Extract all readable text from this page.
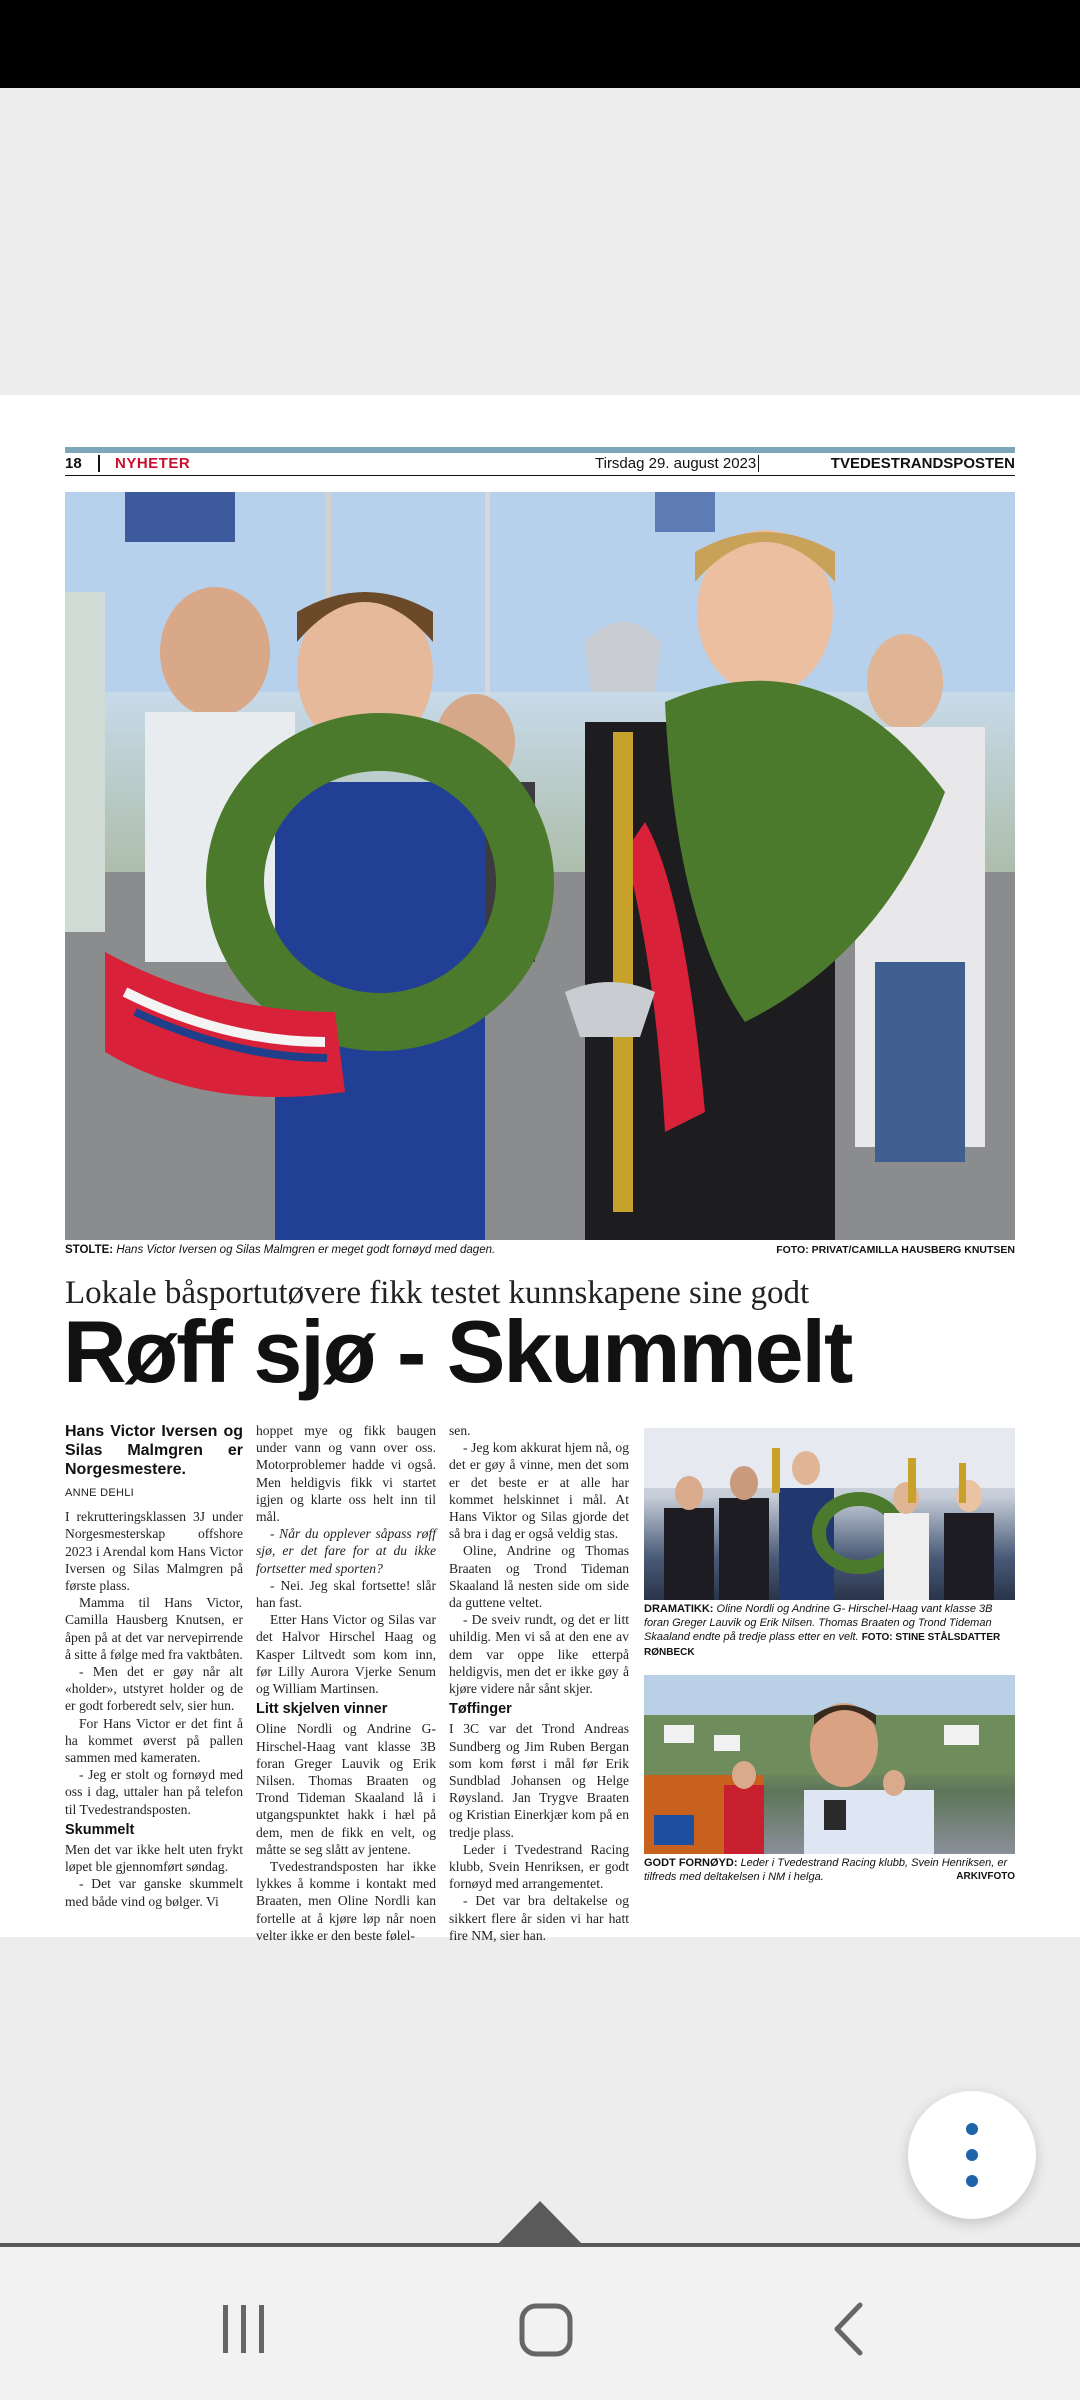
18 NYHETER	Tirsdag 29. august 2023	TVEDESTRANDSPOSTEN
STOLTE: Hans Victor Iversen og Silas Malmgren er meget godt fornøyd med dagen.	FOTO: PRIVAT/CAMILLA HAUSBERG KNUTSEN
Lokale båsportutøvere fikk testet kunnskapene sine godt
Røff sjø - Skummelt
Hans Victor Iversen og Silas Malmgren er Norgesmestere.
ANNE DEHLI

I rekrutteringsklassen 3J under Norgesmesterskap offshore 2023 i Arendal kom Hans Victor Iversen og Silas Malmgren på første plass.

Mamma til Hans Victor, Camilla Hausberg Knutsen, er åpen på at det var nervepirrende å sitte å følge med fra vaktbåten.

- Men det er gøy når alt «holder», utstyret holder og de er godt forberedt selv, sier hun.

For Hans Victor er det fint å ha kommet øverst på pallen sammen med kameraten.

- Jeg er stolt og fornøyd med oss i dag, uttaler han på telefon til Tvedestrandsposten.

Skummelt

Men det var ikke helt uten frykt løpet ble gjennomført søndag.

- Det var ganske skummelt med både vind og bølger. Vi

hoppet mye og fikk baugen under vann og vann over oss. Motorproblemer hadde vi også. Men heldigvis fikk vi startet igjen og klarte oss helt inn til mål.

- Når du opplever såpass røff sjø, er det fare for at du ikke fortsetter med sporten?

- Nei. Jeg skal fortsette! slår han fast.

Etter Hans Victor og Silas var det Halvor Hirschel Haag og Kasper Liltvedt som kom inn, før Lilly Aurora Vjerke Senum og William Martinsen.

Litt skjelven vinner

Oline Nordli og Andrine G- Hirschel-Haag vant klasse 3B foran Greger Lauvik og Erik Nilsen. Thomas Braaten og Trond Tideman Skaaland lå i utgangspunktet hakk i hæl på dem, men de fikk en velt, og måtte se seg slått av jentene.

Tvedestrandsposten har ikke lykkes å komme i kontakt med Braaten, men Oline Nordli kan fortelle at å kjøre løp når noen velter ikke er den beste følel-

sen.

- Jeg kom akkurat hjem nå, og det er gøy å vinne, men det som er det beste er at alle har kommet helskinnet i mål. At Hans Viktor og Silas gjorde det så bra i dag er også veldig stas.

Oline, Andrine og Thomas Braaten og Trond Tideman Skaaland lå nesten side om side da guttene veltet.

- De sveiv rundt, og det er litt uhildig. Men vi så at den ene av dem var oppe like etterpå heldigvis, men det er ikke gøy å kjøre videre når sånt skjer.

Tøffinger

I 3C var det Trond Andreas Sundberg og Jim Ruben Bergan som kom først i mål før Erik Sundblad Johansen og Helge Røysland. Jan Trygve Braaten og Kristian Einerkjær kom på en tredje plass.

Leder i Tvedestrand Racing klubb, Svein Henriksen, er godt fornøyd med arrangementet.

- Det var bra deltakelse og sikkert flere år siden vi har hatt fire NM, sier han.

DRAMATIKK: Oline Nordli og Andrine G- Hirschel-Haag vant klasse 3B foran Greger Lauvik og Erik Nilsen. Thomas Braaten og Trond Tideman Skaaland endte på tredje plass etter en velt. FOTO: STINE STÅLSDATTER RØNBECK
GODT FORNØYD: Leder i Tvedestrand Racing klubb, Svein Henriksen, er tilfreds med deltakelsen i NM i helga.	ARKIVFOTO
